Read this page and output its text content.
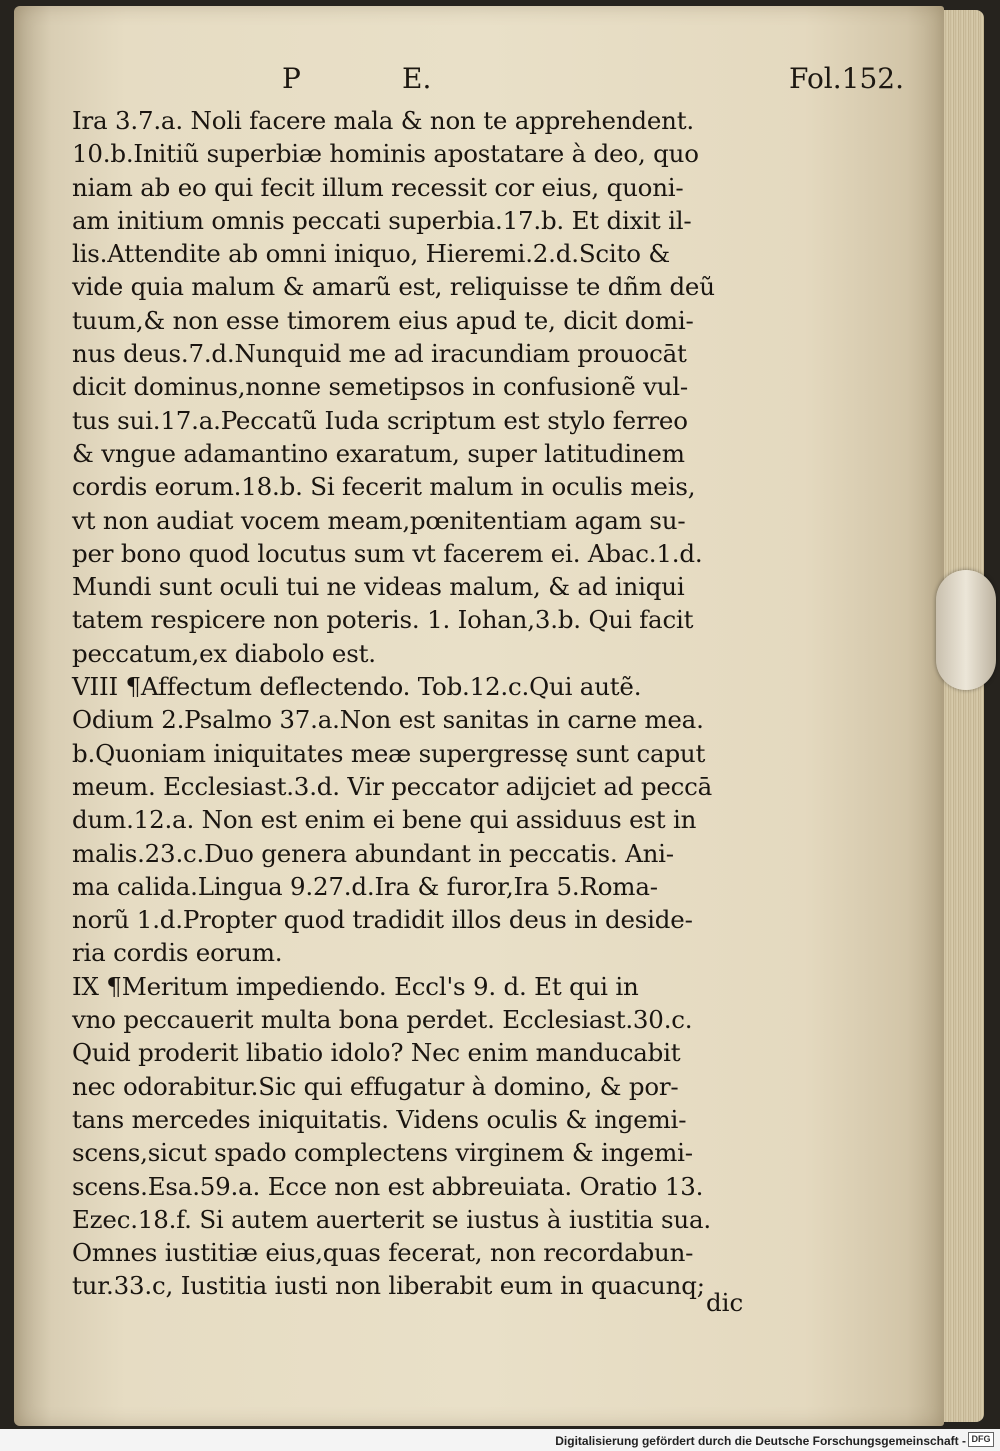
P	E.	Fol.152.
Ira 3.7.a. Noli facere mala & non te apprehendent.
10.b.Initiũ superbiæ hominis apostatare à deo, quo
niam ab eo qui fecit illum recessit cor eius, quoni-
am initium omnis peccati superbia.17.b. Et dixit il-
lis.Attendite ab omni iniquo, Hieremi.2.d.Scito &
vide quia malum & amarũ est, reliquisse te dñm deũ
tuum,& non esse timorem eius apud te, dicit domi-
nus deus.7.d.Nunquid me ad iracundiam prouocāt
dicit dominus,nonne semetipsos in confusionẽ vul-
tus sui.17.a.Peccatũ Iuda scriptum est stylo ferreo
& vngue adamantino exaratum, super latitudinem
cordis eorum.18.b. Si fecerit malum in oculis meis,
vt non audiat vocem meam,pœnitentiam agam su-
per bono quod locutus sum vt facerem ei. Abac.1.d.
Mundi sunt oculi tui ne videas malum, & ad iniqui
tatem respicere non poteris. 1. Iohan,3.b. Qui facit
peccatum,ex diabolo est.
VIII ¶Affectum deflectendo. Tob.12.c.Qui autẽ.
Odium 2.Psalmo 37.a.Non est sanitas in carne mea.
b.Quoniam iniquitates meæ supergressę sunt caput
meum. Ecclesiast.3.d. Vir peccator adijciet ad peccā
dum.12.a. Non est enim ei bene qui assiduus est in
malis.23.c.Duo genera abundant in peccatis. Ani-
ma calida.Lingua 9.27.d.Ira & furor,Ira 5.Roma-
norũ 1.d.Propter quod tradidit illos deus in deside-
ria cordis eorum.
IX ¶Meritum impediendo. Eccl's 9. d. Et qui in
vno peccauerit multa bona perdet. Ecclesiast.30.c.
Quid proderit libatio idolo? Nec enim manducabit
nec odorabitur.Sic qui effugatur à domino, & por-
tans mercedes iniquitatis. Videns oculis & ingemi-
scens,sicut spado complectens virginem & ingemi-
scens.Esa.59.a. Ecce non est abbreuiata. Oratio 13.
Ezec.18.f. Si autem auerterit se iustus à iustitia sua.
Omnes iustitiæ eius,quas fecerat, non recordabun-
tur.33.c, Iustitia iusti non liberabit eum in quacunq;
dic
Digitalisierung gefördert durch die Deutsche Forschungsgemeinschaft - DFG
